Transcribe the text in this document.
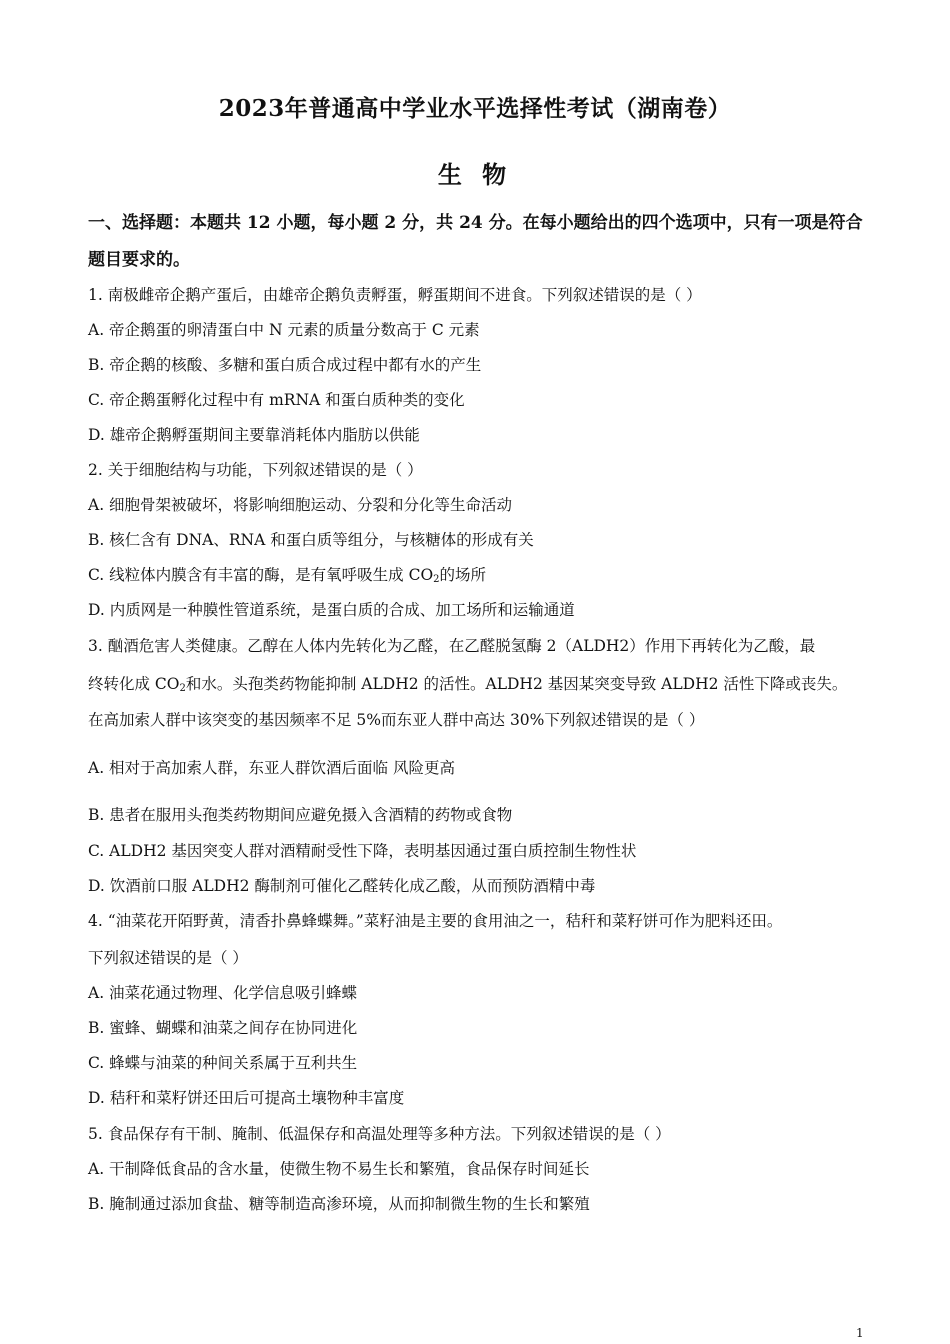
2023年普通高中学业水平选择性考试（湖南卷）
生 物
一、选择题：本题共 12 小题，每小题 2 分，共 24 分。在每小题给出的四个选项中，只有一项是符合题目要求的。
1. 南极雌帝企鹅产蛋后，由雄帝企鹅负责孵蛋，孵蛋期间不进食。下列叙述错误的是（ ）
A. 帝企鹅蛋的卵清蛋白中 N 元素的质量分数高于 C 元素
B. 帝企鹅的核酸、多糖和蛋白质合成过程中都有水的产生
C. 帝企鹅蛋孵化过程中有 mRNA 和蛋白质种类的变化
D. 雄帝企鹅孵蛋期间主要靠消耗体内脂肪以供能
2. 关于细胞结构与功能，下列叙述错误的是（ ）
A. 细胞骨架被破坏，将影响细胞运动、分裂和分化等生命活动
B. 核仁含有 DNA、RNA 和蛋白质等组分，与核糖体的形成有关
C. 线粒体内膜含有丰富的酶，是有氧呼吸生成 $CO_2$的场所
D. 内质网是一种膜性管道系统，是蛋白质的合成、加工场所和运输通道
3. 酗酒危害人类健康。乙醇在人体内先转化为乙醛，在乙醛脱氢酶 2（ALDH2）作用下再转化为乙酸，最
终转化成 $CO_2$和水。头孢类药物能抑制 ALDH2 的活性。ALDH2 基因某突变导致 ALDH2 活性下降或丧失。
在高加索人群中该突变的基因频率不足 5%而东亚人群中高达 30%下列叙述错误的是（ ）
A. 相对于高加索人群，东亚人群饮酒后面临 风险更高
B. 患者在服用头孢类药物期间应避免摄入含酒精的药物或食物
C. ALDH2 基因突变人群对酒精耐受性下降，表明基因通过蛋白质控制生物性状
D. 饮酒前口服 ALDH2 酶制剂可催化乙醛转化成乙酸，从而预防酒精中毒
4. “油菜花开陌野黄，清香扑鼻蜂蝶舞。”菜籽油是主要的食用油之一，秸秆和菜籽饼可作为肥料还田。
下列叙述错误的是（ ）
A. 油菜花通过物理、化学信息吸引蜂蝶
B. 蜜蜂、蝴蝶和油菜之间存在协同进化
C. 蜂蝶与油菜的种间关系属于互利共生
D. 秸秆和菜籽饼还田后可提高土壤物种丰富度
5. 食品保存有干制、腌制、低温保存和高温处理等多种方法。下列叙述错误的是（ ）
A. 干制降低食品的含水量，使微生物不易生长和繁殖，食品保存时间延长
B. 腌制通过添加食盐、糖等制造高渗环境，从而抑制微生物的生长和繁殖
1
